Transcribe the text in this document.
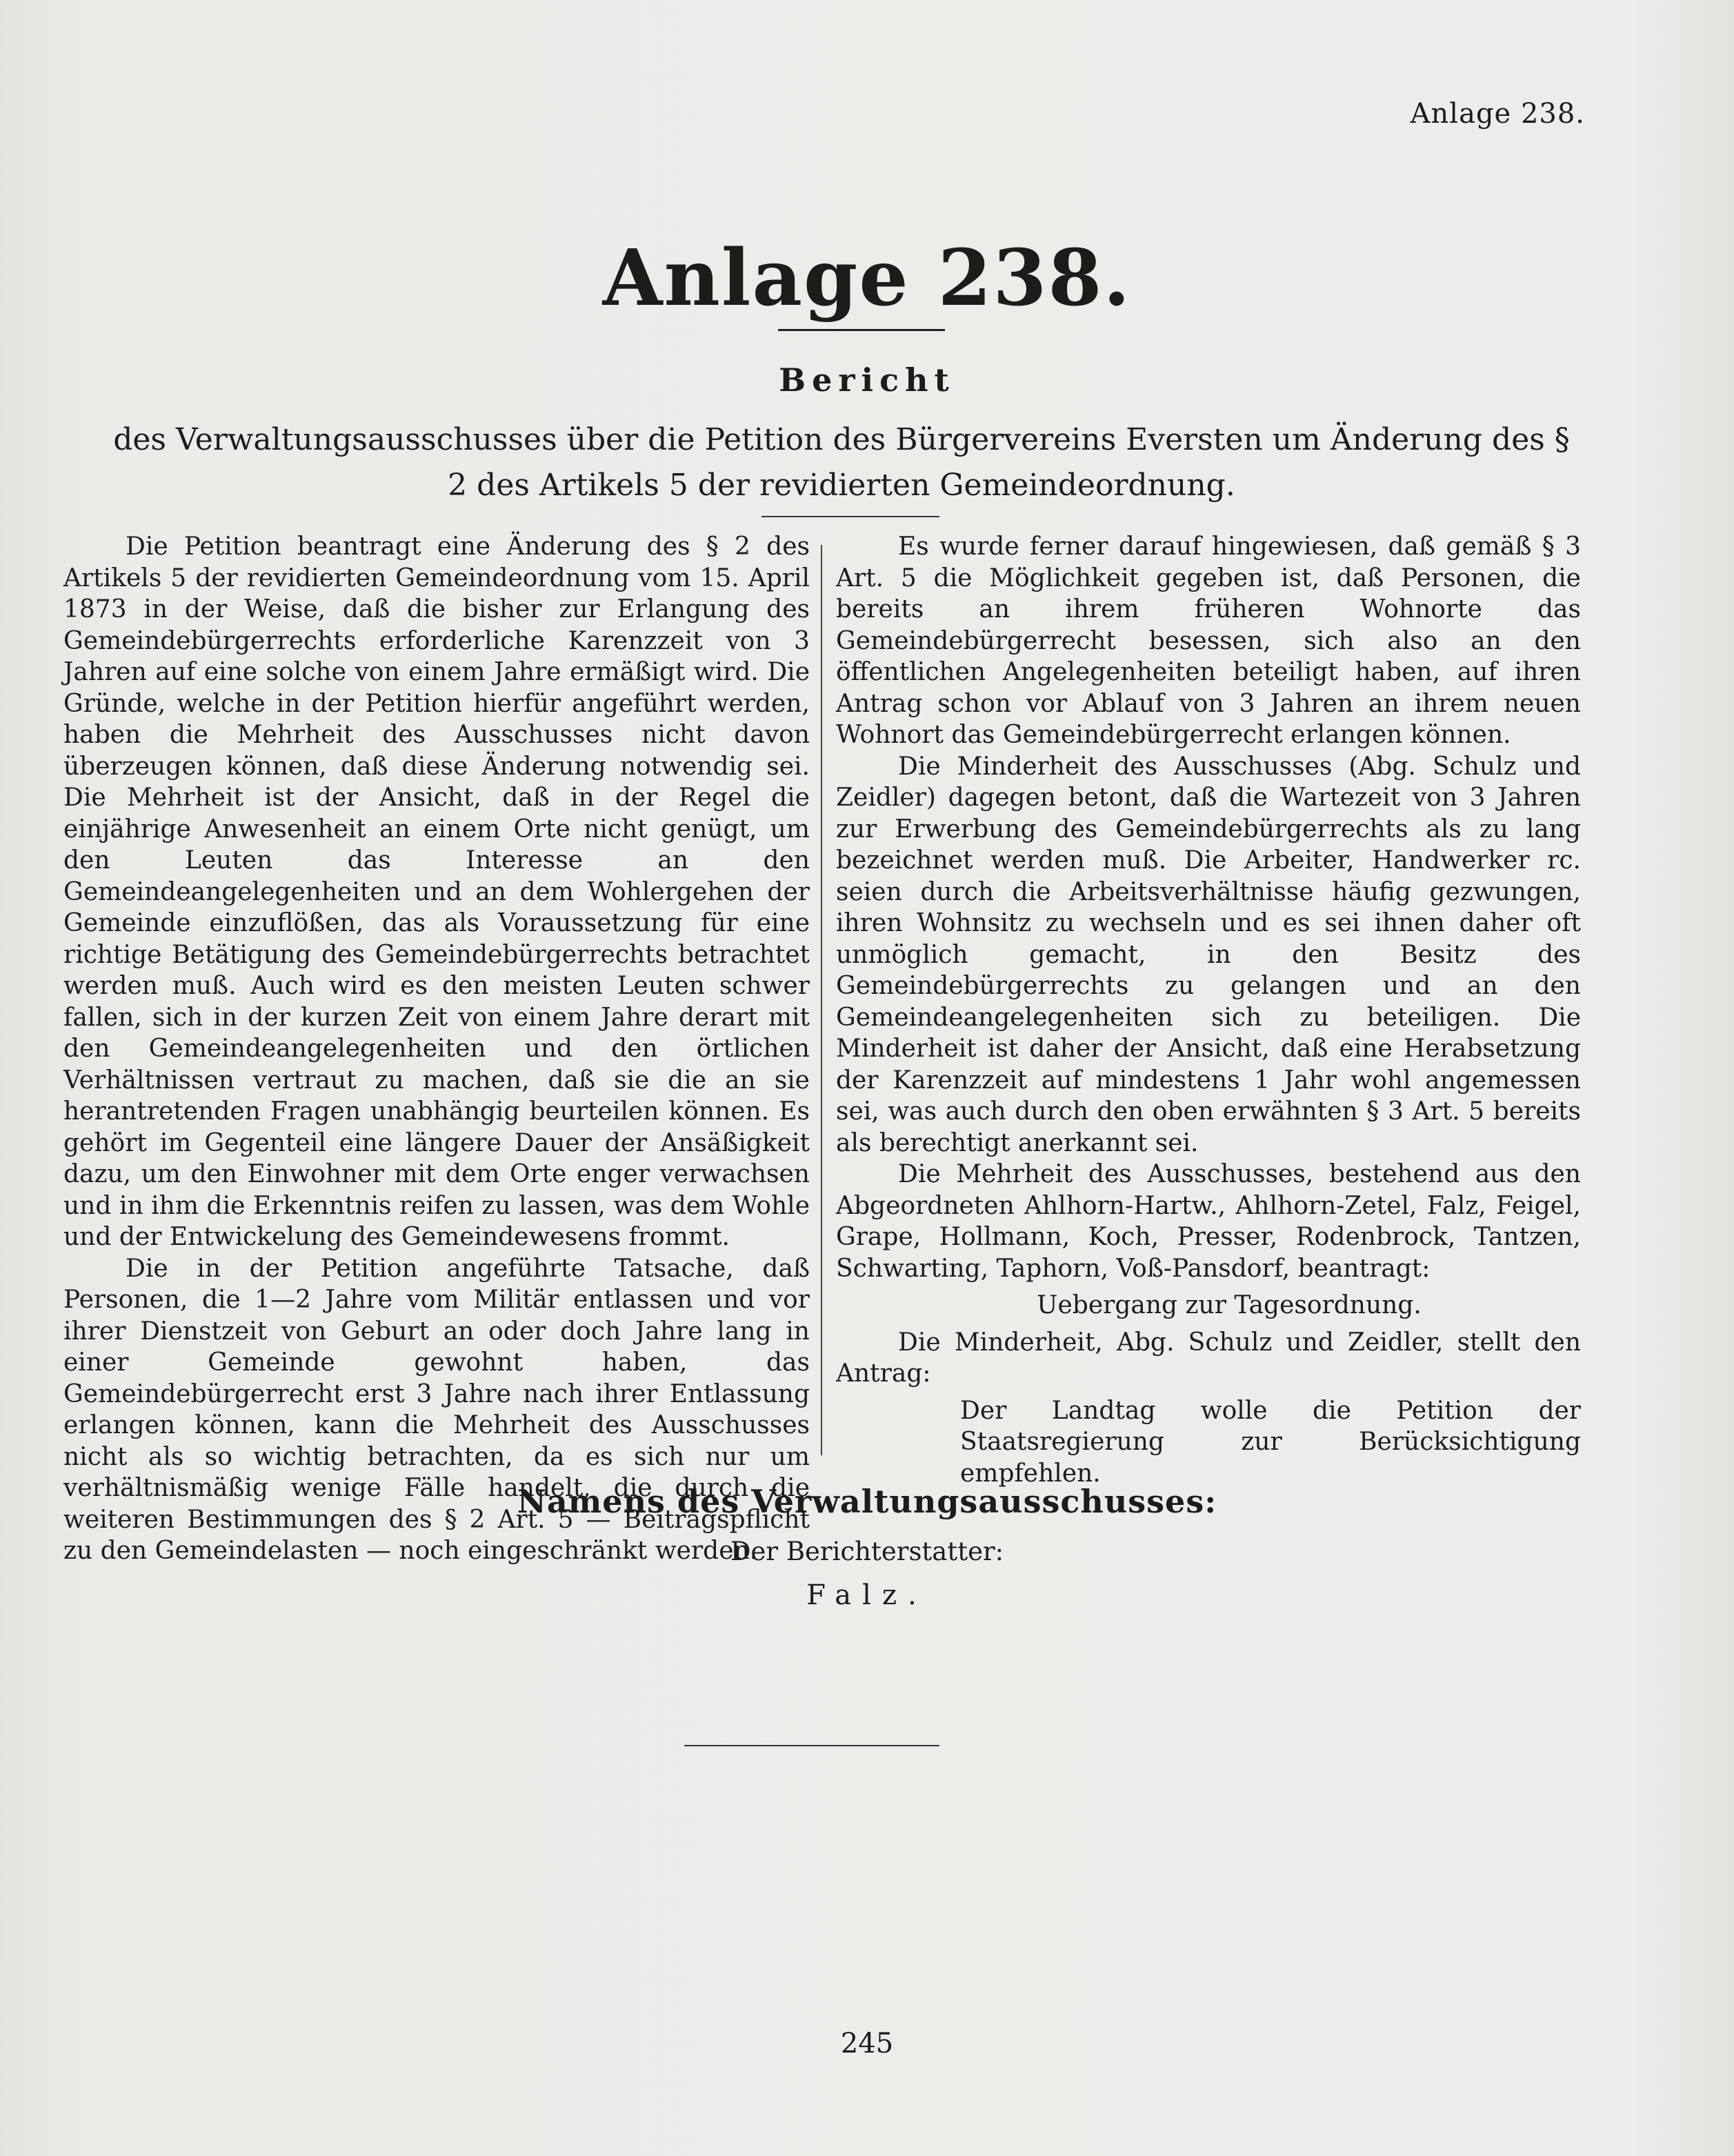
Anlage 238.
Anlage 238.
Bericht
des Verwaltungsausschusses über die Petition des Bürgervereins Eversten um Änderung des § 2 des Artikels 5 der revidierten Gemeindeordnung.

Die Petition beantragt eine Änderung des § 2 des Artikels 5 der revidierten Gemeindeordnung vom 15. April 1873 in der Weise, daß die bisher zur Erlangung des Gemeindebürgerrechts erforderliche Karenzzeit von 3 Jahren auf eine solche von einem Jahre ermäßigt wird. Die Gründe, welche in der Petition hierfür angeführt werden, haben die Mehrheit des Ausschusses nicht davon überzeugen können, daß diese Änderung notwendig sei. Die Mehrheit ist der Ansicht, daß in der Regel die einjährige Anwesenheit an einem Orte nicht genügt, um den Leuten das Interesse an den Gemeindeangelegenheiten und an dem Wohlergehen der Gemeinde einzuflößen, das als Voraussetzung für eine richtige Betätigung des Gemeindebürgerrechts betrachtet werden muß. Auch wird es den meisten Leuten schwer fallen, sich in der kurzen Zeit von einem Jahre derart mit den Gemeindeangelegenheiten und den örtlichen Verhältnissen vertraut zu machen, daß sie die an sie herantretenden Fragen unabhängig beurteilen können. Es gehört im Gegenteil eine längere Dauer der Ansäßigkeit dazu, um den Einwohner mit dem Orte enger verwachsen und in ihm die Erkenntnis reifen zu lassen, was dem Wohle und der Entwickelung des Gemeindewesens frommt.

Die in der Petition angeführte Tatsache, daß Personen, die 1—2 Jahre vom Militär entlassen und vor ihrer Dienstzeit von Geburt an oder doch Jahre lang in einer Gemeinde gewohnt haben, das Gemeindebürgerrecht erst 3 Jahre nach ihrer Entlassung erlangen können, kann die Mehrheit des Ausschusses nicht als so wichtig betrachten, da es sich nur um verhältnismäßig wenige Fälle handelt, die durch die weiteren Bestimmungen des § 2 Art. 5 — Beitragspflicht zu den Gemeindelasten — noch eingeschränkt werden.

Es wurde ferner darauf hingewiesen, daß gemäß § 3 Art. 5 die Möglichkeit gegeben ist, daß Personen, die bereits an ihrem früheren Wohnorte das Gemeindebürgerrecht besessen, sich also an den öffentlichen Angelegenheiten beteiligt haben, auf ihren Antrag schon vor Ablauf von 3 Jahren an ihrem neuen Wohnort das Gemeindebürgerrecht erlangen können.

Die Minderheit des Ausschusses (Abg. Schulz und Zeidler) dagegen betont, daß die Wartezeit von 3 Jahren zur Erwerbung des Gemeindebürgerrechts als zu lang bezeichnet werden muß. Die Arbeiter, Handwerker rc. seien durch die Arbeitsverhältnisse häufig gezwungen, ihren Wohnsitz zu wechseln und es sei ihnen daher oft unmöglich gemacht, in den Besitz des Gemeindebürgerrechts zu gelangen und an den Gemeindeangelegenheiten sich zu beteiligen. Die Minderheit ist daher der Ansicht, daß eine Herabsetzung der Karenzzeit auf mindestens 1 Jahr wohl angemessen sei, was auch durch den oben erwähnten § 3 Art. 5 bereits als berechtigt anerkannt sei.

Die Mehrheit des Ausschusses, bestehend aus den Abgeordneten Ahlhorn-Hartw., Ahlhorn-Zetel, Falz, Feigel, Grape, Hollmann, Koch, Presser, Rodenbrock, Tantzen, Schwarting, Taphorn, Voß-Pansdorf, beantragt:

Uebergang zur Tagesordnung.

Die Minderheit, Abg. Schulz und Zeidler, stellt den Antrag:

Der Landtag wolle die Petition der Staatsregierung zur Berücksichtigung empfehlen.

Namens des Verwaltungsausschusses:
Der Berichterstatter:
Falz.
245
